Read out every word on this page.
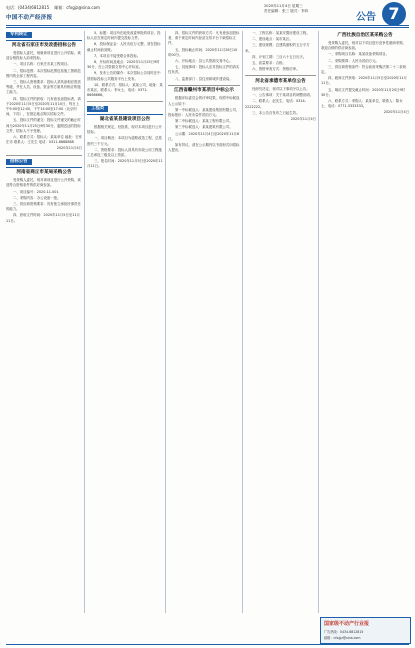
电话：(0434)6812815 邮箱：cfxgjz@sina.com
中国不动产经济报
2020年11月4日 星期三
责任编辑：张三 版式：李四
公告 7

专利转让

河北省石家庄市发改委招标公告

受招标人委托，现就该项目进行公开招标，欢迎合格投标人前来投标。

一、项目名称：石家庄市某工程项目。

二、招标范围：本次招标范围包括施工图纸范围内的全部工程内容。

三、投标人资格要求：投标人须具备相应资质等级，并在人员、设备、资金等方面具有相应的施工能力。

四、招标文件的获取：凡有意参加投标者，请于2020年11月5日至2020年11月10日，每日上午9:00至12:00，下午14:00至17:00（北京时间，下同），在指定地点购买招标文件。

五、投标文件的递交：投标文件递交的截止时间为2020年11月25日9时30分，逾期送达的投标文件，招标人不予受理。

六、联系方式：招标人：某某单位 地址：石家庄市 联系人：王先生 电话：0311-8888888

2020年11月4日

招标公告

河南省商丘市某局采购公告

受采购人委托，现对该项目进行公开采购，欢迎符合资格条件的供应商参加。

一、项目编号：2020-11-001

二、采购内容：办公设备一批。

三、供应商资格要求：具有独立承担民事责任的能力。

四、获取文件时间：2020年11月5日至11月11日。

5、标题：项目所在地发改委审批的项目，投标人应在规定时间内提交投标文件。

6、投标保证金：人民币伍万元整，须在投标截止时间前到账。

7、本项目不接受联合体投标。

8、开标时间及地点：2020年11月25日9时30分，在公共资源交易中心开标室。

9、发布公告的媒介：本次招标公告同时在中国招标投标公共服务平台上发布。

10、联系方式：招标人：某某公司，地址：某市某区，联系人：李女士，电话：0371-6666666。

工程类

湖北省某县建设项目公告

根据相关规定，经批准，现对本项目进行公开招标。

一、项目概况：本项目为道路改造工程，总投资约三千万元。

二、资格要求：投标人须具有市政公用工程施工总承包三级及以上资质。

三、报名时间：2020年11月5日至2020年11月11日。

四、招标文件的获取方式：凡有意参加投标者，请于规定时间内登录交易平台下载招标文件。

五、投标截止时间：2020年11月26日10时00分。

六、开标地点：县公共资源交易中心。

七、其他事项：投标人应对投标文件的真实性负责。

八、监督部门：县住房和城乡建设局。

江西省赣州市某项目中标公示

根据评标委员会的评审结果，现将中标候选人公示如下：

第一中标候选人：某某建设集团有限公司，投标报价：人民币壹仟贰佰万元。

第二中标候选人：某某工程有限公司。

第三中标候选人：某某建筑有限公司。

公示期：2020年11月4日至2020年11月6日。

如有异议，请在公示期内以书面形式向招标人提出。

一、工程名称：某某安置房建设工程。

二、建设地点：某市某区。

三、建设规模：总建筑面积约五万平方米。

四、计划工期：三百六十五日历天。

五、质量要求：合格。

六、资格审查方式：资格后审。

河北省承德市某单位公告

经研究决定，现对以下事项予以公告。

一、公告事项：关于某项目的调整说明。

二、联系人：赵先生，电话：0314-2222222。

三、本公告自发布之日起生效。

2020年11月4日

广西壮族自治区某采购公告

受采购人委托，现对以下项目进行竞争性磋商采购，欢迎合格的供应商参加。

一、采购项目名称：某某设备采购项目。

二、采购预算：人民币贰佰万元。

三、供应商资格条件：符合政府采购法第二十二条规定。

四、磋商文件获取：2020年11月5日至2020年11月11日。

五、响应文件提交截止时间：2020年11月20日9时30分。

六、联系方式：采购人：某某单位，联系人：陈女士，电话：0771-3333333。

2020年11月4日

国家级不动产行业报
广告热线：0434-6812815
邮箱：cfxgjz@sina.com
